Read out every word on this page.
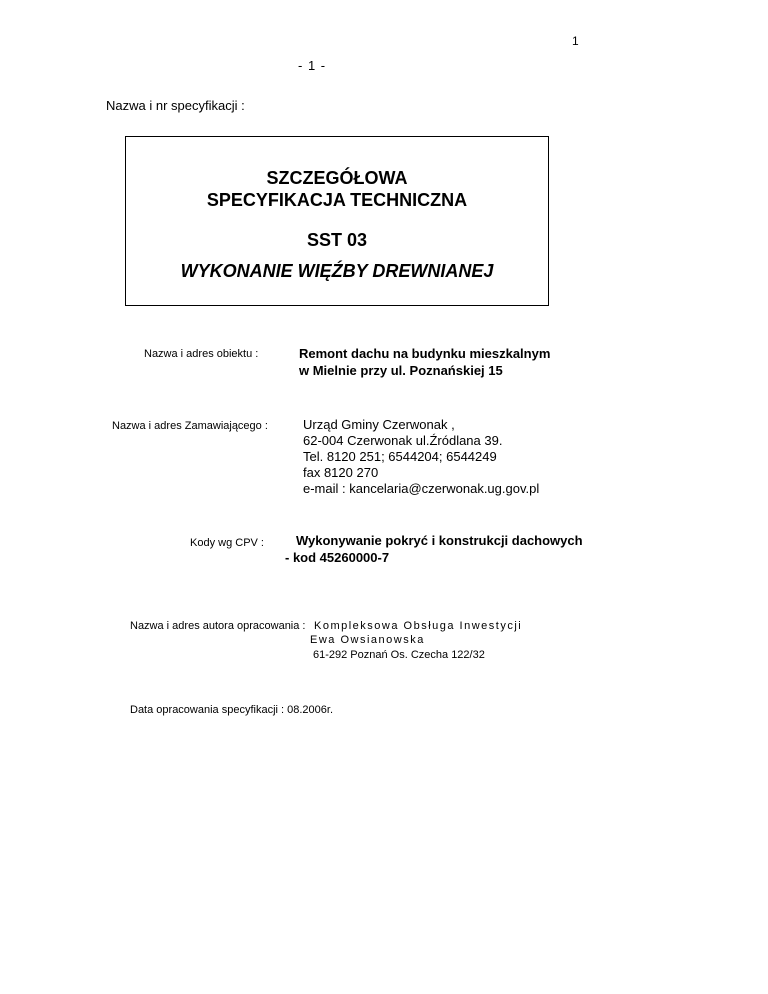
1
- 1 -
Nazwa i nr specyfikacji :
SZCZEGÓŁOWA
SPECYFIKACJA TECHNICZNA
SST 03
WYKONANIE WIĘŹBY DREWNIANEJ
Nazwa i adres obiektu :	Remont dachu na budynku mieszkalnym
w Mielnie przy ul. Poznańskiej 15
Nazwa i adres Zamawiającego :	Urząd Gminy Czerwonak ,
62-004 Czerwonak ul.Źródlana 39.
Tel. 8120 251; 6544204; 6544249
fax 8120 270
e-mail : kancelaria@czerwonak.ug.gov.pl
Kody wg CPV : Wykonywanie pokryć i konstrukcji dachowych
- kod 45260000-7
Nazwa i adres autora opracowania : Kompleksowa Obsługa Inwestycji
Ewa Owsianowska
61-292 Poznań Os. Czecha 122/32
Data opracowania specyfikacji : 08.2006r.
